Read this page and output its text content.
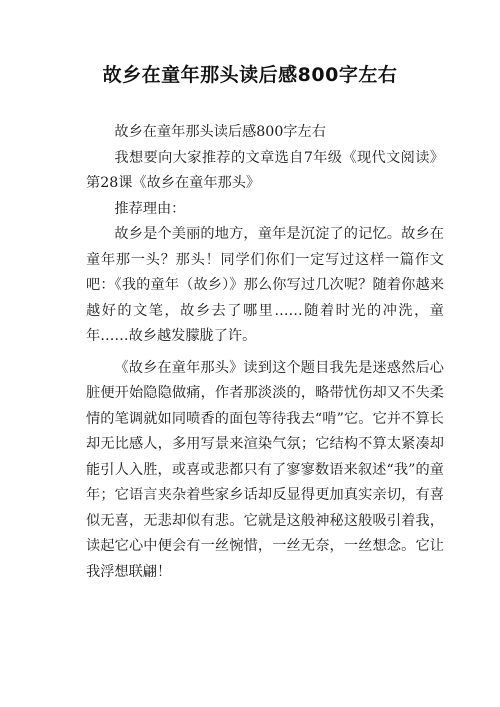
故乡在童年那头读后感800字左右

故乡在童年那头读后感800字左右

我想要向大家推荐的文章选自7年级《现代文阅读》第28课《故乡在童年那头》

推荐理由：

故乡是个美丽的地方，童年是沉淀了的记忆。故乡在童年那一头？那头！同学们你们一定写过这样一篇作文吧：《我的童年（故乡）》那么你写过几次呢？随着你越来越好的文笔，故乡去了哪里……随着时光的冲洗，童年……故乡越发朦胧了许。

《故乡在童年那头》读到这个题目我先是迷惑然后心脏便开始隐隐做痛，作者那淡淡的，略带忧伤却又不失柔情的笔调就如同喷香的面包等待我去“啃”它。它并不算长却无比感人，多用写景来渲染气氛；它结构不算太紧凑却能引人入胜，或喜或悲都只有了寥寥数语来叙述“我”的童年；它语言夹杂着些家乡话却反显得更加真实亲切，有喜似无喜，无悲却似有悲。它就是这般神秘这般吸引着我，读起它心中便会有一丝惋惜，一丝无奈，一丝想念。它让我浮想联翩！
